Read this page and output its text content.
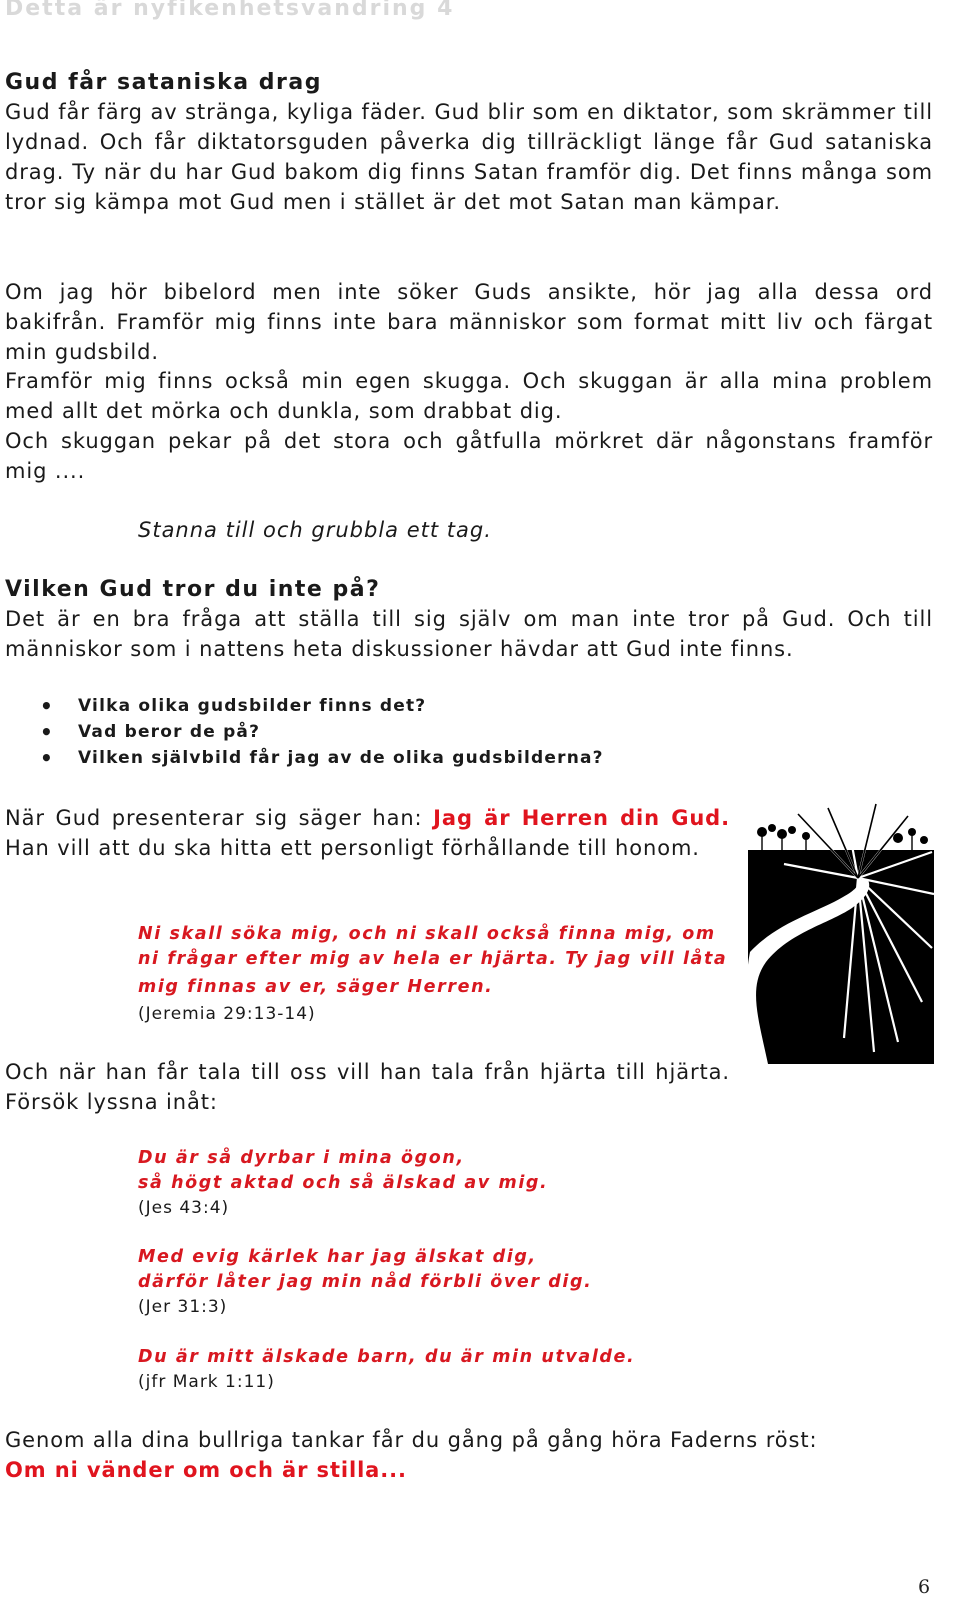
Detta är nyfikenhetsvandring 4
Gud får sataniska drag
Gud får färg av stränga, kyliga fäder. Gud blir som en diktator, som skrämmer till lydnad. Och får diktatorsguden påverka dig tillräckligt länge får Gud sataniska drag. Ty när du har Gud bakom dig finns Satan framför dig. Det finns många som tror sig kämpa mot Gud men i stället är det mot Satan man kämpar.
Om jag hör bibelord men inte söker Guds ansikte, hör jag alla dessa ord bakifrån. Framför mig finns inte bara människor som format mitt liv och färgat min gudsbild.
Framför mig finns också min egen skugga. Och skuggan är alla mina problem med allt det mörka och dunkla, som drabbat dig.
Och skuggan pekar på det stora och gåtfulla mörkret där någonstans framför mig ....
Stanna till och grubbla ett tag.
Vilken Gud tror du inte på?
Det är en bra fråga att ställa till sig själv om man inte tror på Gud. Och till människor som i nattens heta diskussioner hävdar att Gud inte finns.
• Vilka olika gudsbilder finns det?
• Vad beror de på?
• Vilken självbild får jag av de olika gudsbilderna?
När Gud presenterar sig säger han: Jag är Herren din Gud. Han vill att du ska hitta ett personligt förhållande till honom.
Ni skall söka mig, och ni skall också finna mig, om
ni frågar efter mig av hela er hjärta. Ty jag vill låta
mig finnas av er, säger Herren.
(Jeremia 29:13-14)
Och när han får tala till oss vill han tala från hjärta till hjärta. Försök lyssna inåt:
Du är så dyrbar i mina ögon,
så högt aktad och så älskad av mig.
(Jes 43:4)
Med evig kärlek har jag älskat dig,
därför låter jag min nåd förbli över dig.
(Jer 31:3)
Du är mitt älskade barn, du är min utvalde.
(jfr Mark 1:11)
Genom alla dina bullriga tankar får du gång på gång höra Faderns röst:
Om ni vänder om och är stilla...
6
